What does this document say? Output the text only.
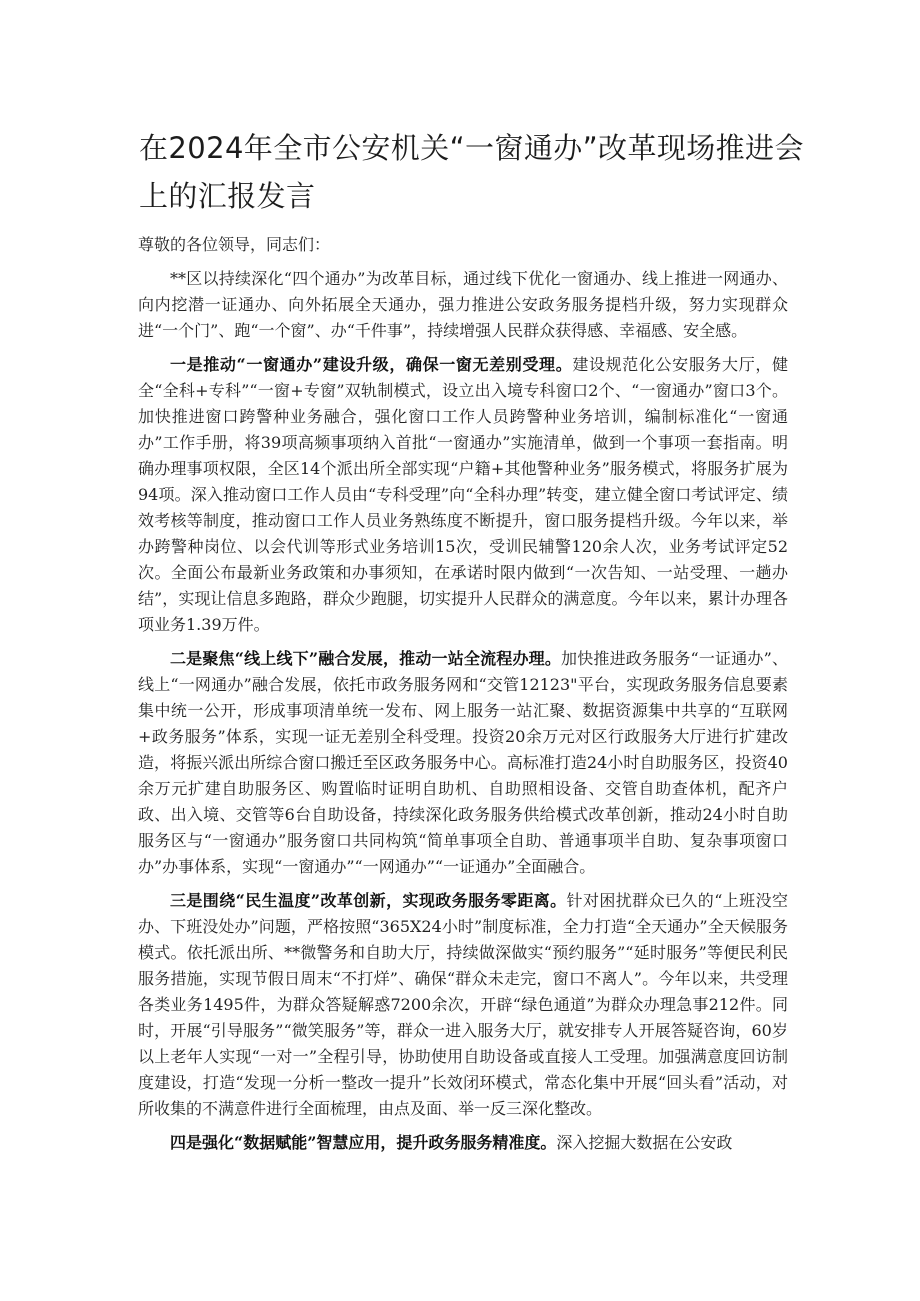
在2024年全市公安机关“一窗通办”改革现场推进会上的汇报发言

尊敬的各位领导，同志们：

**区以持续深化“四个通办”为改革目标，通过线下优化一窗通办、线上推进一网通办、向内挖潜一证通办、向外拓展全天通办，强力推进公安政务服务提档升级，努力实现群众进“一个门”、跑“一个窗”、办“千件事”，持续增强人民群众获得感、幸福感、安全感。

一是推动“一窗通办”建设升级，确保一窗无差别受理。建设规范化公安服务大厅，健全“全科+专科”“一窗+专窗”双轨制模式，设立出入境专科窗口2个、“一窗通办”窗口3个。加快推进窗口跨警种业务融合，强化窗口工作人员跨警种业务培训，编制标准化“一窗通办”工作手册，将39项高频事项纳入首批“一窗通办”实施清单，做到一个事项一套指南。明确办理事项权限，全区14个派出所全部实现“户籍+其他警种业务”服务模式，将服务扩展为94项。深入推动窗口工作人员由“专科受理”向“全科办理”转变，建立健全窗口考试评定、绩效考核等制度，推动窗口工作人员业务熟练度不断提升，窗口服务提档升级。今年以来，举办跨警种岗位、以会代训等形式业务培训15次，受训民辅警120余人次，业务考试评定52次。全面公布最新业务政策和办事须知，在承诺时限内做到“一次告知、一站受理、一趟办结”，实现让信息多跑路，群众少跑腿，切实提升人民群众的满意度。今年以来，累计办理各项业务1.39万件。

二是聚焦“线上线下”融合发展，推动一站全流程办理。加快推进政务服务“一证通办”、线上“一网通办”融合发展，依托市政务服务网和“交管12123"平台，实现政务服务信息要素集中统一公开，形成事项清单统一发布、网上服务一站汇聚、数据资源集中共享的“互联网+政务服务”体系，实现一证无差别全科受理。投资20余万元对区行政服务大厅进行扩建改造，将振兴派出所综合窗口搬迁至区政务服务中心。高标准打造24小时自助服务区，投资40余万元扩建自助服务区、购置临时证明自助机、自助照相设备、交管自助查体机，配齐户政、出入境、交管等6台自助设备，持续深化政务服务供给模式改革创新，推动24小时自助服务区与“一窗通办”服务窗口共同构筑“简单事项全自助、普通事项半自助、复杂事项窗口办”办事体系，实现“一窗通办”“一网通办”“一证通办”全面融合。

三是围绕“民生温度”改革创新，实现政务服务零距离。针对困扰群众已久的“上班没空办、下班没处办”问题，严格按照“365X24小时”制度标准，全力打造“全天通办”全天候服务模式。依托派出所、**微警务和自助大厅，持续做深做实“预约服务”“延时服务”等便民利民服务措施，实现节假日周末“不打烊”、确保“群众未走完，窗口不离人”。今年以来，共受理各类业务1495件，为群众答疑解惑7200余次，开辟“绿色通道”为群众办理急事212件。同时，开展“引导服务”“微笑服务”等，群众一进入服务大厅，就安排专人开展答疑咨询，60岁以上老年人实现“一对一”全程引导，协助使用自助设备或直接人工受理。加强满意度回访制度建设，打造“发现一分析一整改一提升”长效闭环模式，常态化集中开展“回头看”活动，对所收集的不满意件进行全面梳理，由点及面、举一反三深化整改。

四是强化“数据赋能”智慧应用，提升政务服务精准度。深入挖掘大数据在公安政
